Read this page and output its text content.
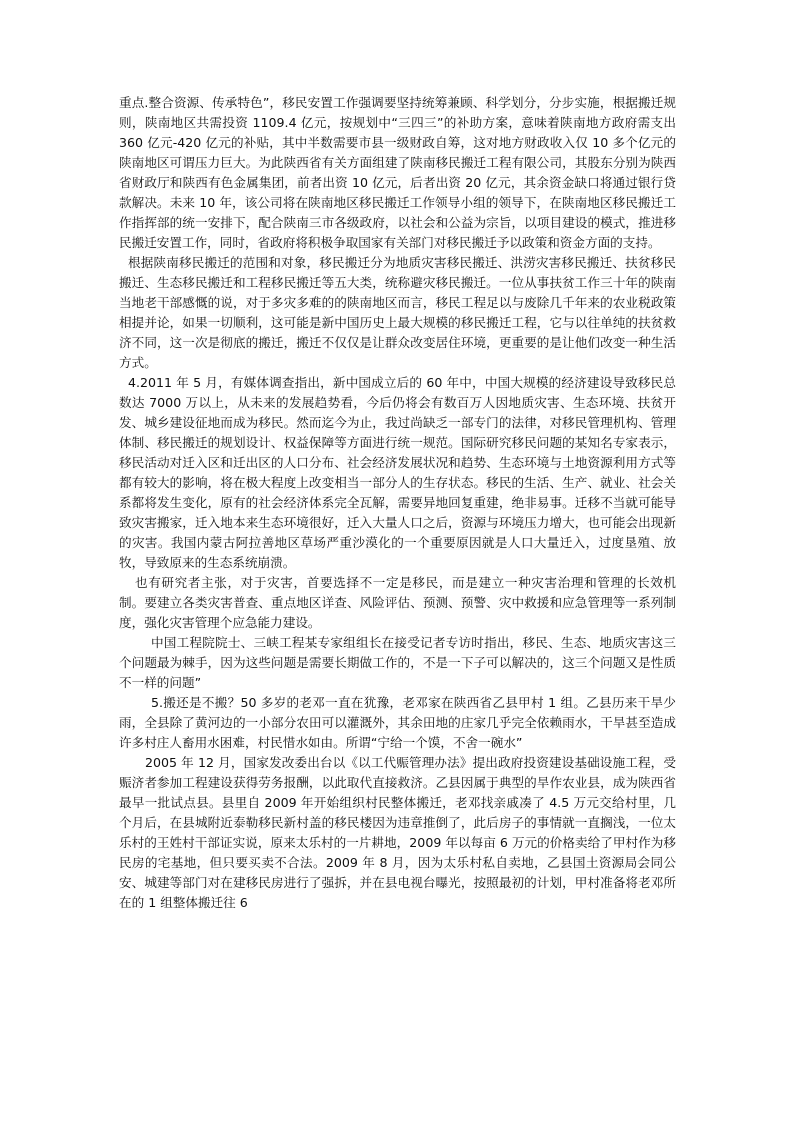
重点.整合资源、传承特色”，移民安置工作强调要坚持统筹兼顾、科学划分，分步实施，根据搬迁规则，陕南地区共需投资 1109.4 亿元，按规划中“三四三”的补助方案，意味着陕南地方政府需支出 360 亿元-420 亿元的补贴，其中半数需要市县一级财政自筹，这对地方财政收入仅 10 多个亿元的陕南地区可谓压力巨大。为此陕西省有关方面组建了陕南移民搬迁工程有限公司，其股东分别为陕西省财政厅和陕西有色金属集团，前者出资 10 亿元，后者出资 20 亿元，其余资金缺口将通过银行贷款解决。未来 10 年，该公司将在陕南地区移民搬迁工作领导小组的领导下，在陕南地区移民搬迁工作指挥部的统一安排下，配合陕南三市各级政府，以社会和公益为宗旨，以项目建设的模式，推进移民搬迁安置工作，同时，省政府将积极争取国家有关部门对移民搬迁予以政策和资金方面的支持。

根据陕南移民搬迁的范围和对象，移民搬迁分为地质灾害移民搬迁、洪涝灾害移民搬迁、扶贫移民搬迁、生态移民搬迁和工程移民搬迁等五大类，统称避灾移民搬迁。一位从事扶贫工作三十年的陕南当地老干部感慨的说，对于多灾多难的的陕南地区而言，移民工程足以与废除几千年来的农业税政策相提并论，如果一切顺利，这可能是新中国历史上最大规模的移民搬迁工程，它与以往单纯的扶贫救济不同，这一次是彻底的搬迁，搬迁不仅仅是让群众改变居住环境，更重要的是让他们改变一种生活方式。

4.2011 年 5 月，有媒体调查指出，新中国成立后的 60 年中，中国大规模的经济建设导致移民总数达 7000 万以上，从未来的发展趋势看，今后仍将会有数百万人因地质灾害、生态环境、扶贫开发、城乡建设征地而成为移民。然而迄今为止，我过尚缺乏一部专门的法律，对移民管理机构、管理体制、移民搬迁的规划设计、权益保障等方面进行统一规范。国际研究移民问题的某知名专家表示，移民活动对迁入区和迁出区的人口分布、社会经济发展状况和趋势、生态环境与土地资源利用方式等都有较大的影响，将在极大程度上改变相当一部分人的生存状态。移民的生活、生产、就业、社会关系都将发生变化，原有的社会经济体系完全瓦解，需要异地回复重建，绝非易事。迁移不当就可能导致灾害搬家，迁入地本来生态环境很好，迁入大量人口之后，资源与环境压力增大，也可能会出现新的灾害。我国内蒙古阿拉善地区草场严重沙漠化的一个重要原因就是人口大量迁入，过度垦殖、放牧，导致原来的生态系统崩溃。

也有研究者主张，对于灾害，首要选择不一定是移民，而是建立一种灾害治理和管理的长效机制。要建立各类灾害普查、重点地区详查、风险评估、预测、预警、灾中救援和应急管理等一系列制度，强化灾害管理个应急能力建设。

中国工程院院士、三峡工程某专家组组长在接受记者专访时指出，移民、生态、地质灾害这三个问题最为棘手，因为这些问题是需要长期做工作的，不是一下子可以解决的，这三个问题又是性质不一样的问题”

5.搬还是不搬？50 多岁的老邓一直在犹豫，老邓家在陕西省乙县甲村 1 组。乙县历来干旱少雨，全县除了黄河边的一小部分农田可以灌溉外，其余田地的庄家几乎完全依赖雨水，干旱甚至造成许多村庄人畜用水困难，村民惜水如由。所谓“宁给一个馍，不舍一碗水”

2005 年 12 月，国家发改委出台以《以工代赈管理办法》提出政府投资建设基础设施工程，受赈济者参加工程建设获得劳务报酬，以此取代直接救济。乙县因属于典型的旱作农业县，成为陕西省最早一批试点县。县里自 2009 年开始组织村民整体搬迁，老邓找亲戚凑了 4.5 万元交给村里，几个月后，在县城附近泰勒移民新村盖的移民楼因为违章推倒了，此后房子的事情就一直搁浅，一位太乐村的王姓村干部证实说，原来太乐村的一片耕地，2009 年以每亩 6 万元的价格卖给了甲村作为移民房的宅基地，但只要买卖不合法。2009 年 8 月，因为太乐村私自卖地，乙县国土资源局会同公安、城建等部门对在建移民房进行了强拆，并在县电视台曝光，按照最初的计划，甲村准备将老邓所在的 1 组整体搬迁往 6
